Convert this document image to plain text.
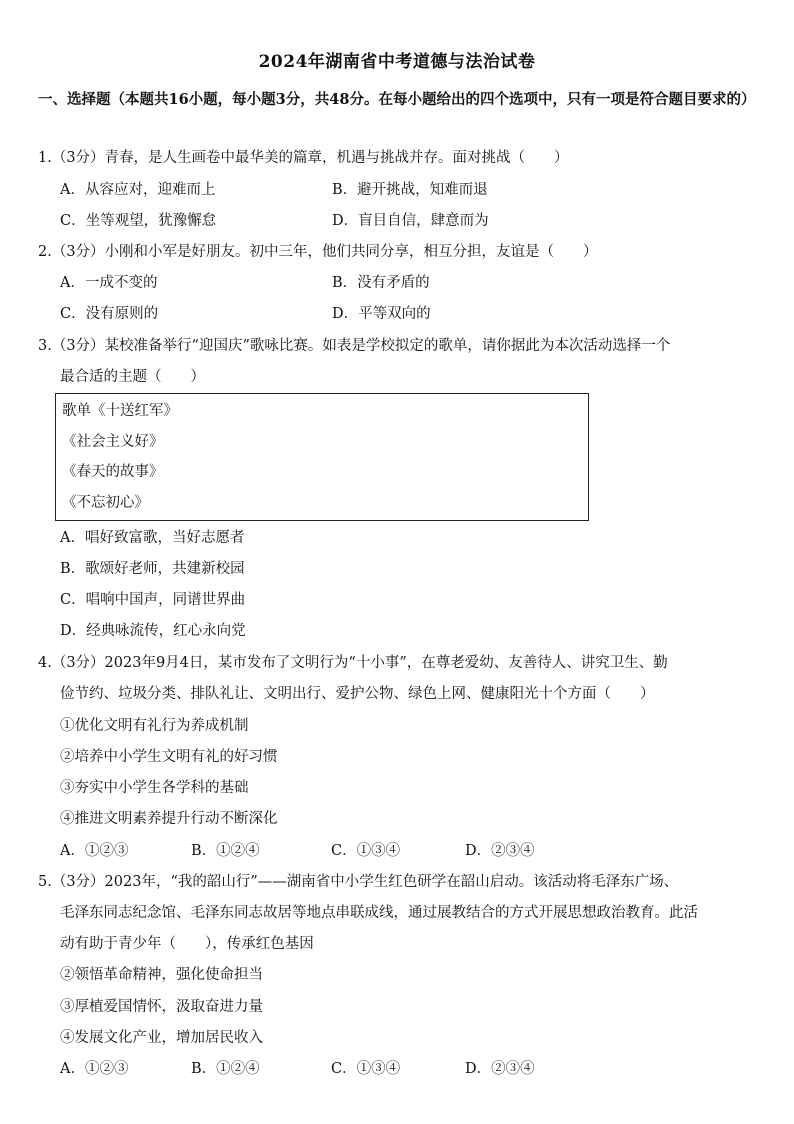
2024年湖南省中考道德与法治试卷
一、选择题（本题共16小题，每小题3分，共48分。在每小题给出的四个选项中，只有一项是符合题目要求的）
1.（3分）青春，是人生画卷中最华美的篇章，机遇与挑战并存。面对挑战（　　）
A．从容应对，迎难而上	B．避开挑战，知难而退
C．坐等观望，犹豫懈怠	D．盲目自信，肆意而为
2.（3分）小刚和小军是好朋友。初中三年，他们共同分享，相互分担，友谊是（　　）
A．一成不变的	B．没有矛盾的
C．没有原则的	D．平等双向的
3.（3分）某校准备举行“迎国庆”歌咏比赛。如表是学校拟定的歌单，请你据此为本次活动选择一个
最合适的主题（　　）
歌单《十送红军》
《社会主义好》
《春天的故事》
《不忘初心》
A．唱好致富歌，当好志愿者
B．歌颂好老师，共建新校园
C．唱响中国声，同谱世界曲
D．经典咏流传，红心永向党
4.（3分）2023年9月4日，某市发布了文明行为“十小事”，在尊老爱幼、友善待人、讲究卫生、勤
俭节约、垃圾分类、排队礼让、文明出行、爱护公物、绿色上网、健康阳光十个方面（　　）
①优化文明有礼行为养成机制
②培养中小学生文明有礼的好习惯
③夯实中小学生各学科的基础
④推进文明素养提升行动不断深化
A．①②③	B．①②④	C．①③④	D．②③④
5.（3分）2023年，“我的韶山行”——湖南省中小学生红色研学在韶山启动。该活动将毛泽东广场、
毛泽东同志纪念馆、毛泽东同志故居等地点串联成线，通过展教结合的方式开展思想政治教育。此活
动有助于青少年（　　），传承红色基因
②领悟革命精神，强化使命担当
③厚植爱国情怀，汲取奋进力量
④发展文化产业，增加居民收入
A．①②③	B．①②④	C．①③④	D．②③④
